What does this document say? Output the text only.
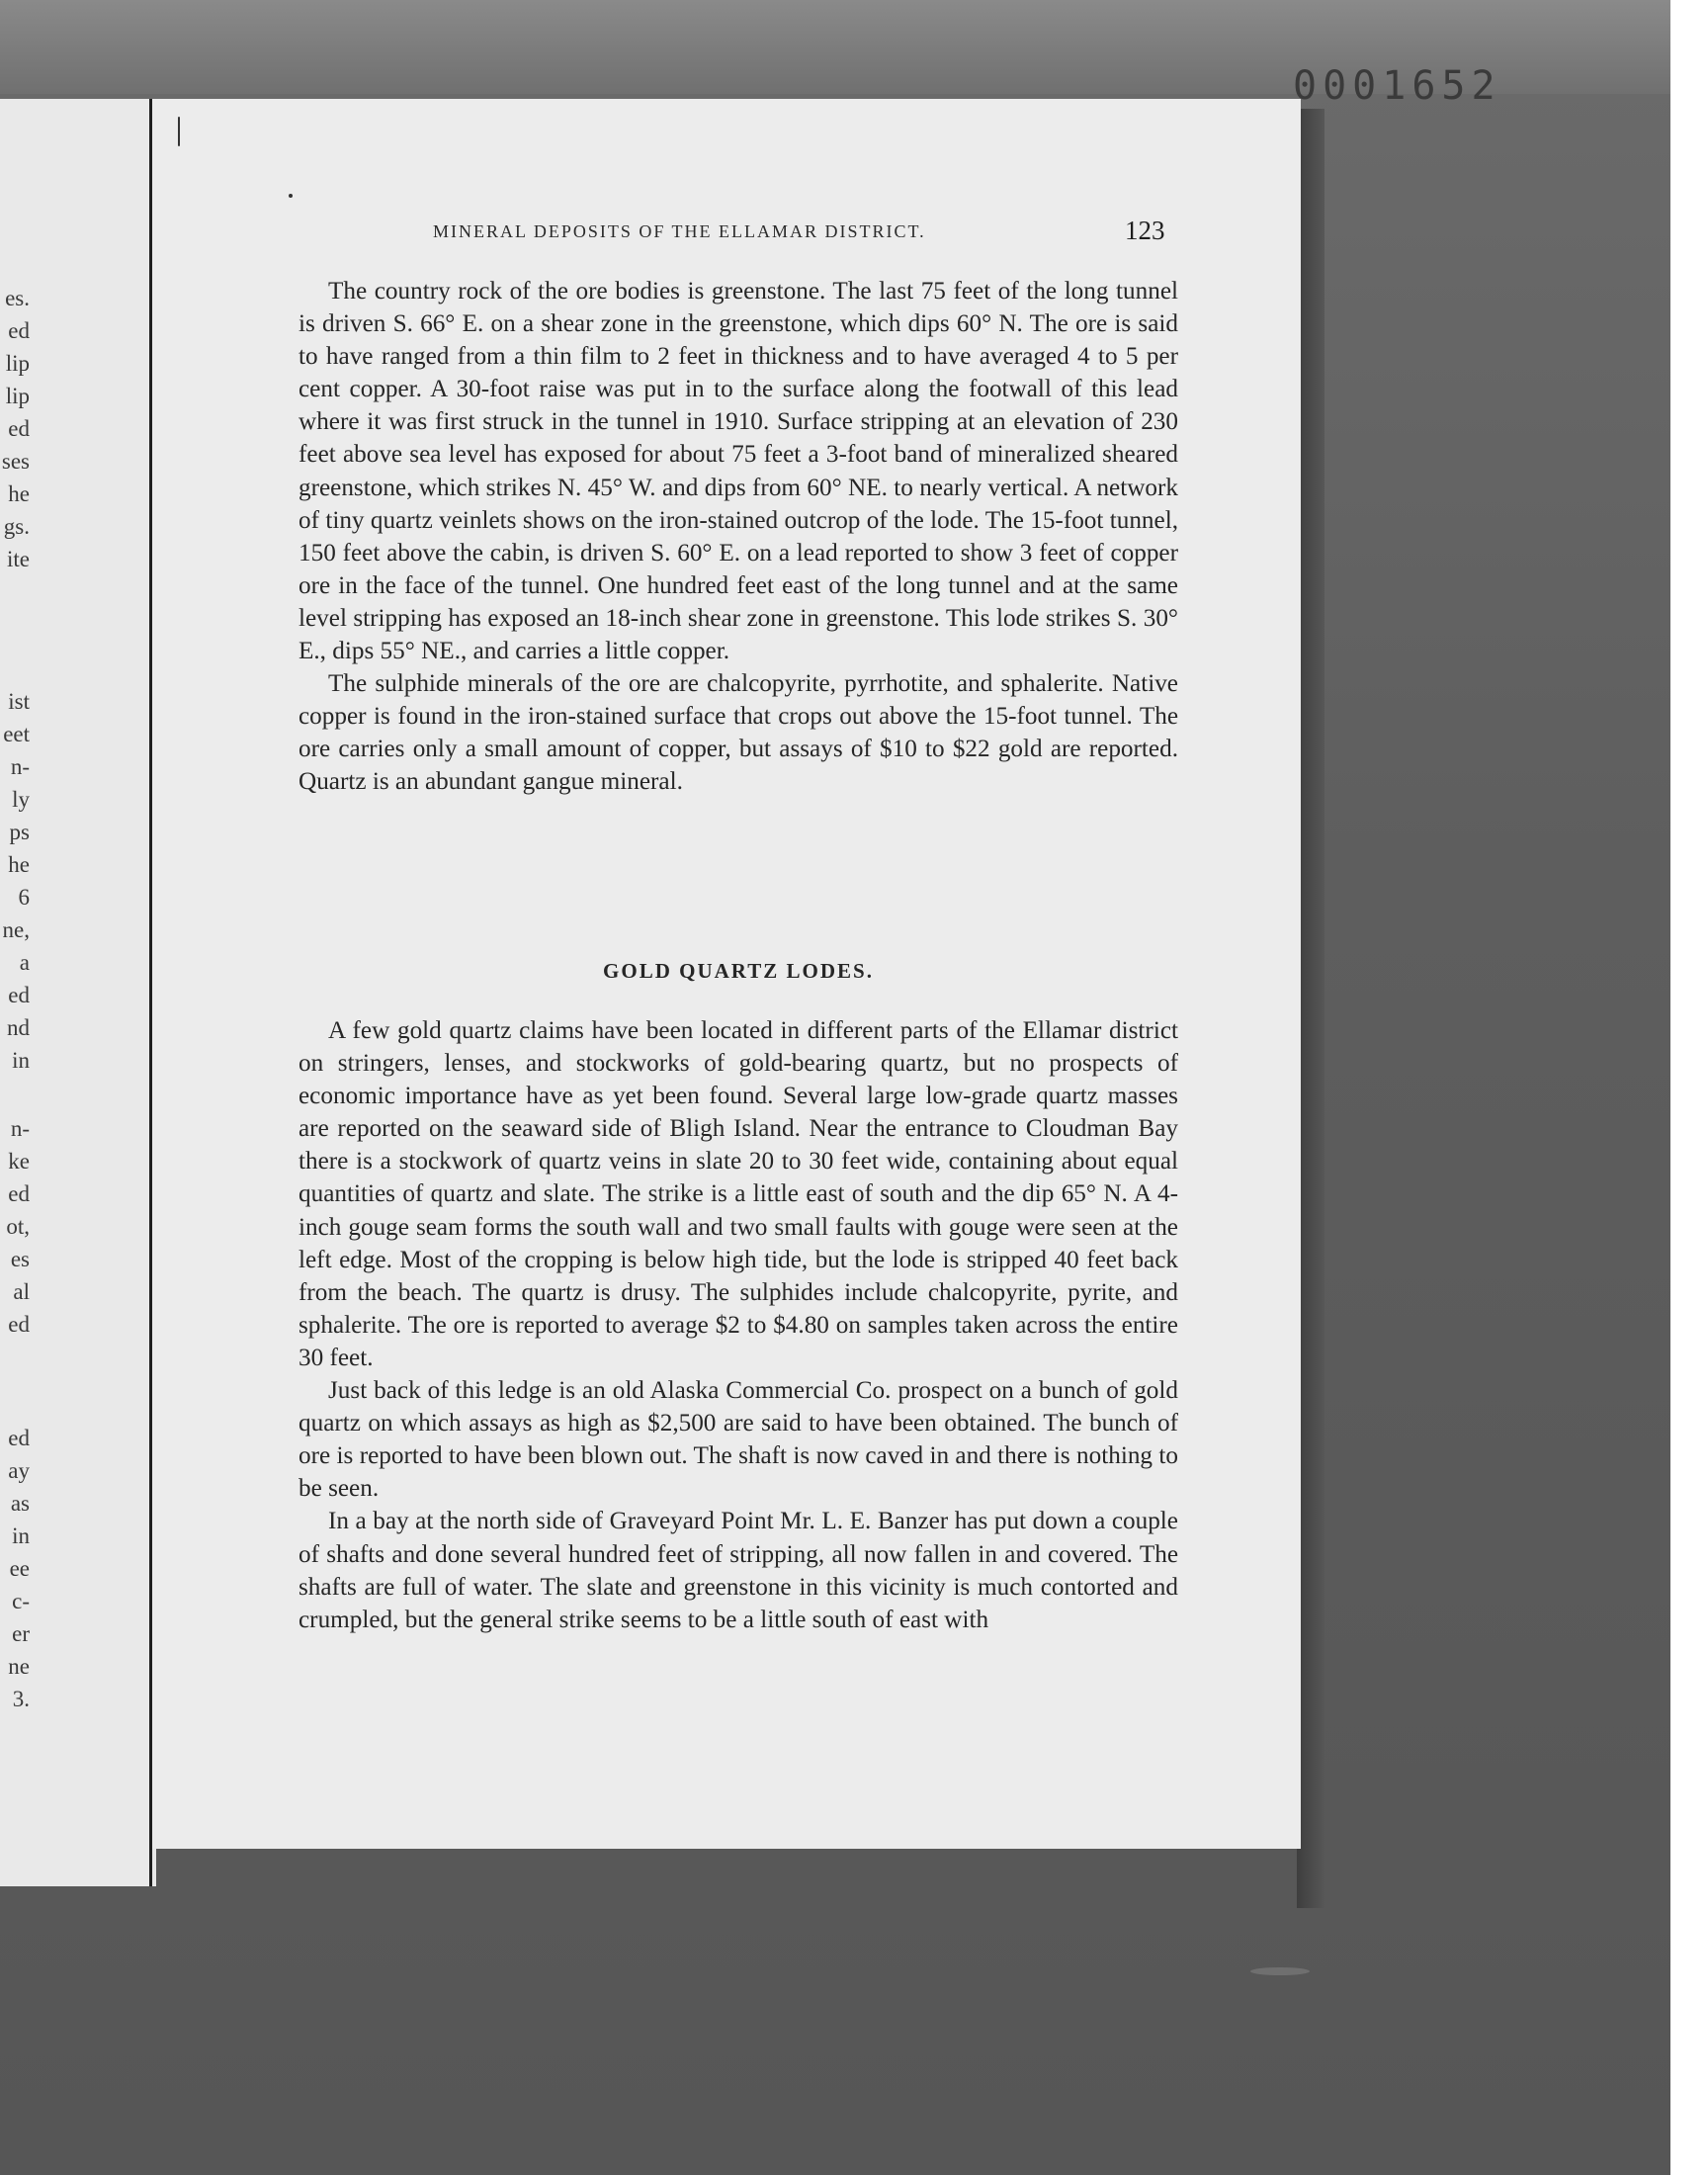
es.

ed

lip

lip

ed

ses

he

gs.

ite

ist

eet

n-

ly

ps

he

6

ne,

a

ed

nd

in

n-

ke

ed

ot,

es

al

ed

ed

ay

as

in

ee

c-

er

ne

3.

0001652

MINERAL DEPOSITS OF THE ELLAMAR DISTRICT.	123

The country rock of the ore bodies is greenstone. The last 75 feet of the long tunnel is driven S. 66° E. on a shear zone in the greenstone, which dips 60° N. The ore is said to have ranged from a thin film to 2 feet in thickness and to have averaged 4 to 5 per cent copper. A 30-foot raise was put in to the surface along the footwall of this lead where it was first struck in the tunnel in 1910. Surface stripping at an elevation of 230 feet above sea level has exposed for about 75 feet a 3-foot band of mineralized sheared greenstone, which strikes N. 45° W. and dips from 60° NE. to nearly vertical. A network of tiny quartz veinlets shows on the iron-stained outcrop of the lode. The 15-foot tunnel, 150 feet above the cabin, is driven S. 60° E. on a lead reported to show 3 feet of copper ore in the face of the tunnel. One hundred feet east of the long tunnel and at the same level stripping has exposed an 18-inch shear zone in greenstone. This lode strikes S. 30° E., dips 55° NE., and carries a little copper.

The sulphide minerals of the ore are chalcopyrite, pyrrhotite, and sphalerite. Native copper is found in the iron-stained surface that crops out above the 15-foot tunnel. The ore carries only a small amount of copper, but assays of $10 to $22 gold are reported. Quartz is an abundant gangue mineral.

GOLD QUARTZ LODES.

A few gold quartz claims have been located in different parts of the Ellamar district on stringers, lenses, and stockworks of gold-bearing quartz, but no prospects of economic importance have as yet been found. Several large low-grade quartz masses are reported on the seaward side of Bligh Island. Near the entrance to Cloudman Bay there is a stockwork of quartz veins in slate 20 to 30 feet wide, containing about equal quantities of quartz and slate. The strike is a little east of south and the dip 65° N. A 4-inch gouge seam forms the south wall and two small faults with gouge were seen at the left edge. Most of the cropping is below high tide, but the lode is stripped 40 feet back from the beach. The quartz is drusy. The sulphides include chalcopyrite, pyrite, and sphalerite. The ore is reported to average $2 to $4.80 on samples taken across the entire 30 feet.

Just back of this ledge is an old Alaska Commercial Co. prospect on a bunch of gold quartz on which assays as high as $2,500 are said to have been obtained. The bunch of ore is reported to have been blown out. The shaft is now caved in and there is nothing to be seen.

In a bay at the north side of Graveyard Point Mr. L. E. Banzer has put down a couple of shafts and done several hundred feet of stripping, all now fallen in and covered. The shafts are full of water. The slate and greenstone in this vicinity is much contorted and crumpled, but the general strike seems to be a little south of east with
